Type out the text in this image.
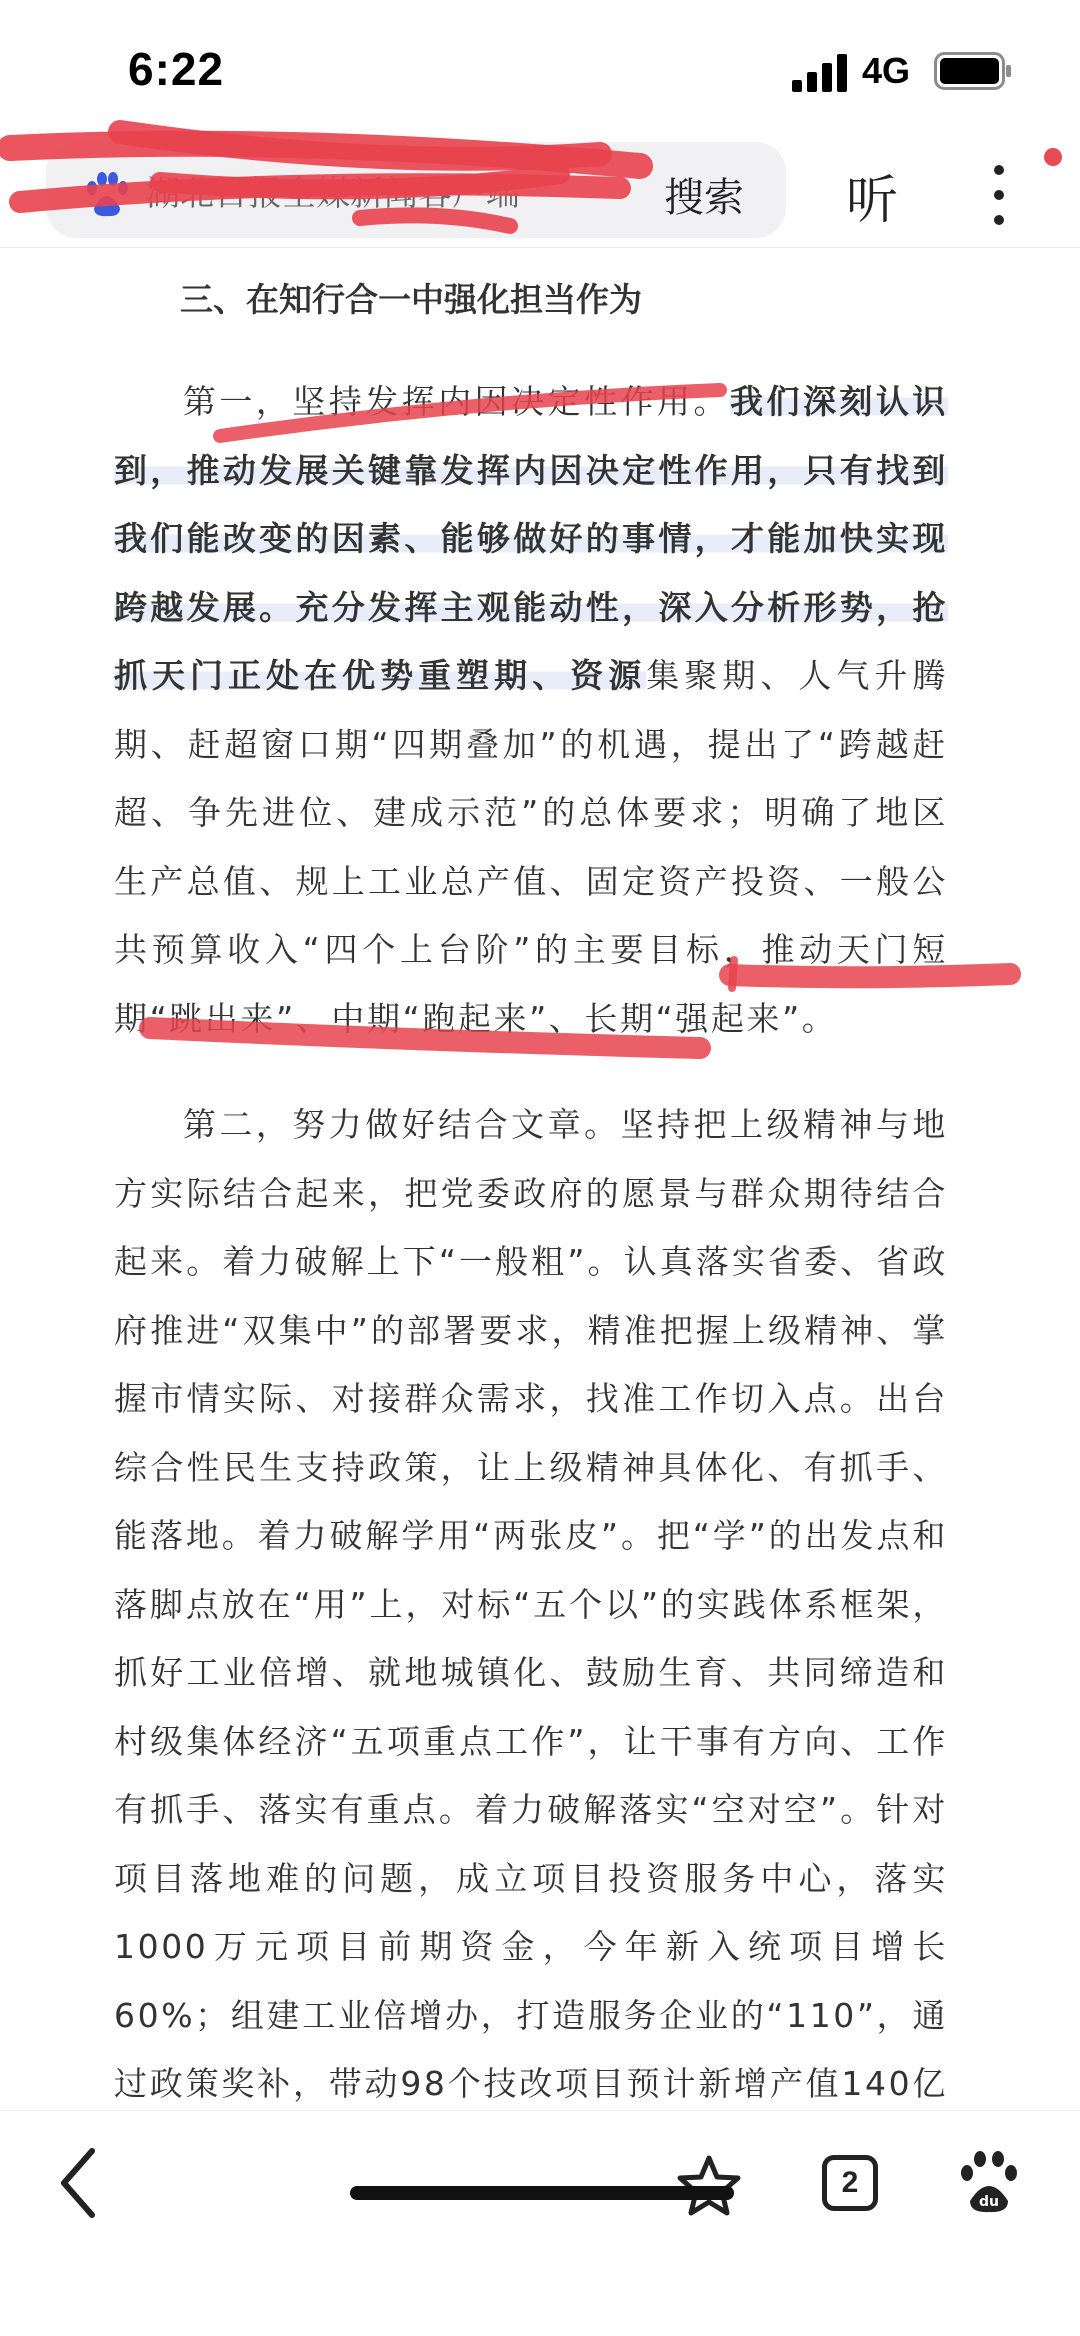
6:22	4G
湖北日报全媒新闻客户端	搜索 听
三、在知行合一中强化担当作为
第一，坚持发挥内因决定性作用。我们深刻认识到，推动发展关键靠发挥内因决定性作用，只有找到我们能改变的因素、能够做好的事情，才能加快实现跨越发展。充分发挥主观能动性，深入分析形势，抢抓天门正处在优势重塑期、资源集聚期、人气升腾期、赶超窗口期“四期叠加”的机遇，提出了“跨越赶超、争先进位、建成示范”的总体要求；明确了地区生产总值、规上工业总产值、固定资产投资、一般公共预算收入“四个上台阶”的主要目标，推动天门短期“跳出来”、中期“跑起来”、长期“强起来”。
第二，努力做好结合文章。坚持把上级精神与地方实际结合起来，把党委政府的愿景与群众期待结合起来。着力破解上下“一般粗”。认真落实省委、省政府推进“双集中”的部署要求，精准把握上级精神、掌握市情实际、对接群众需求，找准工作切入点。出台综合性民生支持政策，让上级精神具体化、有抓手、能落地。着力破解学用“两张皮”。把“学”的出发点和落脚点放在“用”上，对标“五个以”的实践体系框架，抓好工业倍增、就地城镇化、鼓励生育、共同缔造和村级集体经济“五项重点工作”，让干事有方向、工作有抓手、落实有重点。着力破解落实“空对空”。针对项目落地难的问题，成立项目投资服务中心，落实1000万元项目前期资金，今年新入统项目增长60%；组建工业倍增办，打造服务企业的“110”，通过政策奖补，带动98个技改项目预计新增产值140亿
2
du
